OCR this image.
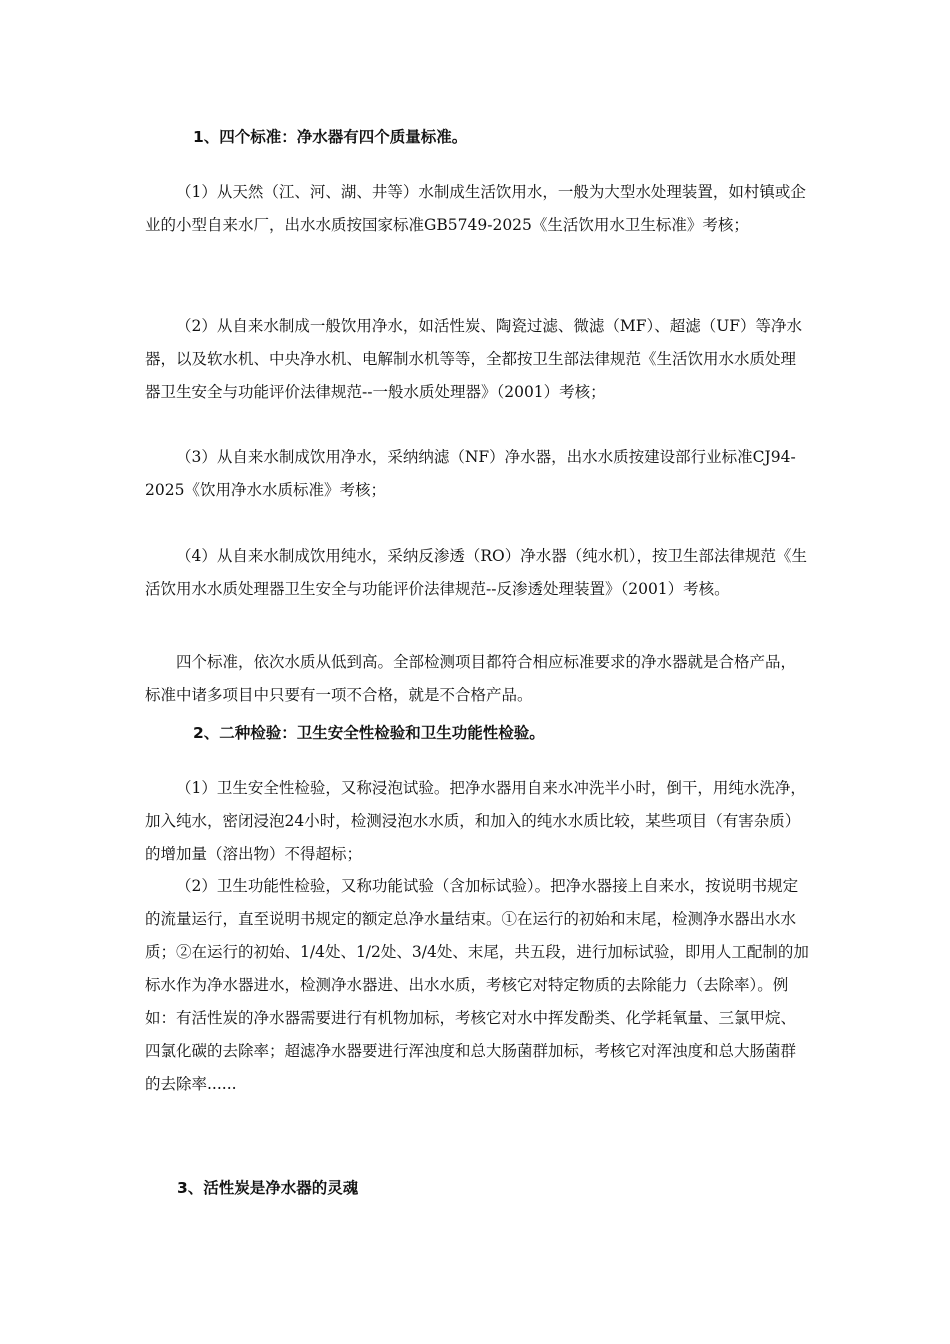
1、四个标准：净水器有四个质量标准。

（1）从天然（江、河、湖、井等）水制成生活饮用水，一般为大型水处理装置，如村镇或企业的小型自来水厂，出水水质按国家标准GB5749-2025《生活饮用水卫生标准》考核；

（2）从自来水制成一般饮用净水，如活性炭、陶瓷过滤、微滤（MF）、超滤（UF）等净水器，以及软水机、中央净水机、电解制水机等等，全都按卫生部法律规范《生活饮用水水质处理器卫生安全与功能评价法律规范--一般水质处理器》（2001）考核；

（3）从自来水制成饮用净水，采纳纳滤（NF）净水器，出水水质按建设部行业标准CJ94-2025《饮用净水水质标准》考核；

（4）从自来水制成饮用纯水，采纳反渗透（RO）净水器（纯水机），按卫生部法律规范《生活饮用水水质处理器卫生安全与功能评价法律规范--反渗透处理装置》（2001）考核。

四个标准，依次水质从低到高。全部检测项目都符合相应标准要求的净水器就是合格产品，标准中诸多项目中只要有一项不合格，就是不合格产品。

2、二种检验：卫生安全性检验和卫生功能性检验。

（1）卫生安全性检验，又称浸泡试验。把净水器用自来水冲洗半小时，倒干，用纯水洗净，加入纯水，密闭浸泡24小时，检测浸泡水水质，和加入的纯水水质比较，某些项目（有害杂质）的增加量（溶出物）不得超标；

（2）卫生功能性检验，又称功能试验（含加标试验）。把净水器接上自来水，按说明书规定的流量运行，直至说明书规定的额定总净水量结束。①在运行的初始和末尾，检测净水器出水水质；②在运行的初始、1/4处、1/2处、3/4处、末尾，共五段，进行加标试验，即用人工配制的加标水作为净水器进水，检测净水器进、出水水质，考核它对特定物质的去除能力（去除率）。例如：有活性炭的净水器需要进行有机物加标，考核它对水中挥发酚类、化学耗氧量、三氯甲烷、四氯化碳的去除率；超滤净水器要进行浑浊度和总大肠菌群加标，考核它对浑浊度和总大肠菌群的去除率......

3、活性炭是净水器的灵魂
